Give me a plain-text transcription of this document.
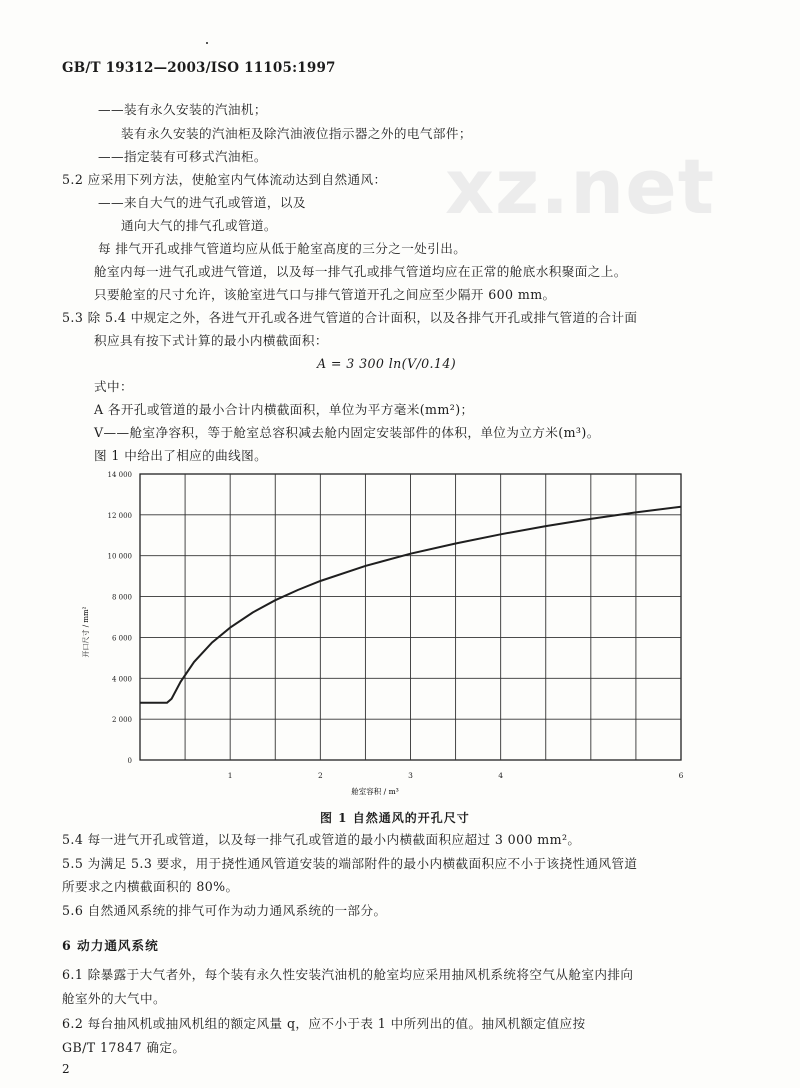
GB/T 19312—2003/ISO 11105:1997
xz.net
——装有永久安装的汽油机；
装有永久安装的汽油柜及除汽油液位指示器之外的电气部件；
——指定装有可移式汽油柜。
5.2 应采用下列方法，使舱室内气体流动达到自然通风：
——来自大气的进气孔或管道，以及
通向大气的排气孔或管道。
每 排气开孔或排气管道均应从低于舱室高度的三分之一处引出。
舱室内每一进气孔或进气管道，以及每一排气孔或排气管道均应在正常的舱底水积聚面之上。
只要舱室的尺寸允许，该舱室进气口与排气管道开孔之间应至少隔开 600 mm。
5.3 除 5.4 中规定之外，各进气开孔或各进气管道的合计面积，以及各排气开孔或排气管道的合计面
积应具有按下式计算的最小内横截面积：
A = 3 300 ln(V/0.14)
式中：
A 各开孔或管道的最小合计内横截面积，单位为平方毫米(mm²)；
V——舱室净容积，等于舱室总容积减去舱内固定安装部件的体积，单位为立方米(m³)。
图 1 中给出了相应的曲线图。
0
2 000
4 000
6 000
8 000
10 000
12 000
14 000
1	2	3	4	6
开口尺寸 / mm²
舱室容积 / m³
图 1 自然通风的开孔尺寸
5.4 每一进气开孔或管道，以及每一排气孔或管道的最小内横截面积应超过 3 000 mm²。
5.5 为满足 5.3 要求，用于挠性通风管道安装的端部附件的最小内横截面积应不小于该挠性通风管道
所要求之内横截面积的 80%。
5.6 自然通风系统的排气可作为动力通风系统的一部分。
6 动力通风系统
6.1 除暴露于大气者外，每个装有永久性安装汽油机的舱室均应采用抽风机系统将空气从舱室内排向
舱室外的大气中。
6.2 每台抽风机或抽风机组的额定风量 q，应不小于表 1 中所列出的值。抽风机额定值应按
GB/T 17847 确定。
2
